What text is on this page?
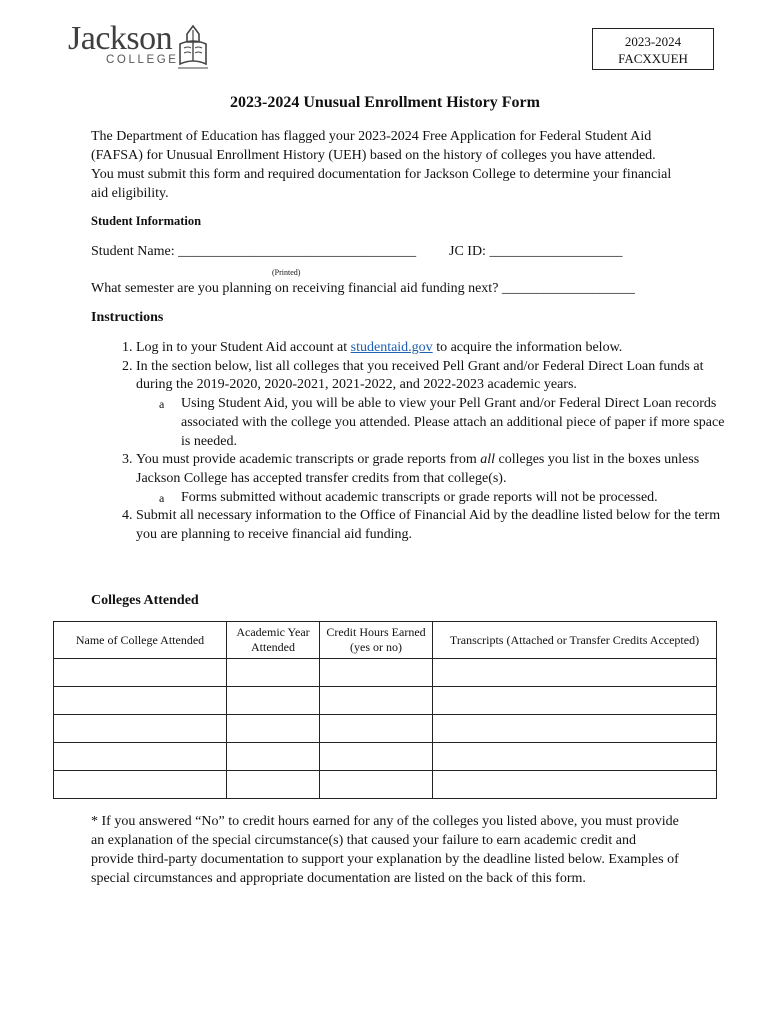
Jackson
COLLEGE
2023-2024
FACXXUEH
2023-2024 Unusual Enrollment History Form
The Department of Education has flagged your 2023-2024 Free Application for Federal Student Aid (FAFSA) for Unusual Enrollment History (UEH) based on the history of colleges you have attended. You must submit this form and required documentation for Jackson College to determine your financial aid eligibility.
Student Information
Student Name: __________________________________ JC ID: ___________________
(Printed)
What semester are you planning on receiving financial aid funding next? ___________________
Instructions
1. Log in to your Student Aid account at studentaid.gov to acquire the information below.
2. In the section below, list all colleges that you received Pell Grant and/or Federal Direct Loan funds at during the 2019-2020, 2020-2021, 2021-2022, and 2022-2023 academic years.
a Using Student Aid, you will be able to view your Pell Grant and/or Federal Direct Loan records associated with the college you attended. Please attach an additional piece of paper if more space is needed.
3. You must provide academic transcripts or grade reports from all colleges you list in the boxes unless Jackson College has accepted transfer credits from that college(s).
a Forms submitted without academic transcripts or grade reports will not be processed.
4. Submit all necessary information to the Office of Financial Aid by the deadline listed below for the term you are planning to receive financial aid funding.
Colleges Attended
Name of College Attended	Academic Year Attended	Credit Hours Earned (yes or no)	Transcripts (Attached or Transfer Credits Accepted)

* If you answered “No” to credit hours earned for any of the colleges you listed above, you must provide an explanation of the special circumstance(s) that caused your failure to earn academic credit and provide third-party documentation to support your explanation by the deadline listed below. Examples of special circumstances and appropriate documentation are listed on the back of this form.
